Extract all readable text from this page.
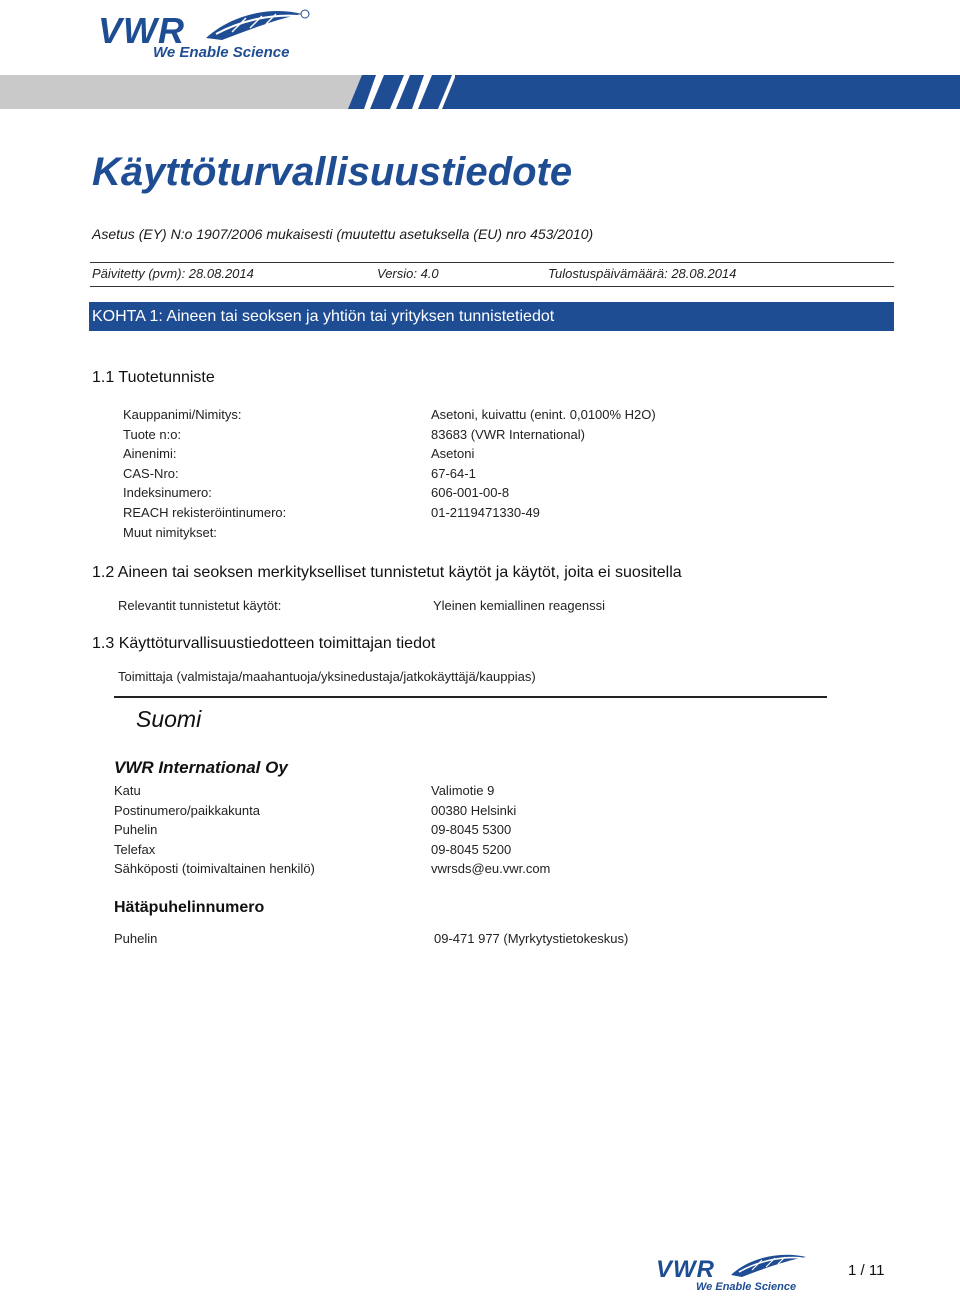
VWR
We Enable Science
Käyttöturvallisuustiedote
Asetus (EY) N:o 1907/2006 mukaisesti (muutettu asetuksella (EU) nro 453/2010)
Päivitetty (pvm): 28.08.2014	Versio: 4.0	Tulostuspäivämäärä: 28.08.2014
KOHTA 1: Aineen tai seoksen ja yhtiön tai yrityksen tunnistetiedot
1.1 Tuotetunniste
Kauppanimi/Nimitys:	Asetoni, kuivattu (enint. 0,0100% H2O)
Tuote n:o:	83683 (VWR International)
Ainenimi:	Asetoni
CAS-Nro:	67-64-1
Indeksinumero:	606-001-00-8
REACH rekisteröintinumero:	01-2119471330-49
Muut nimitykset:
1.2 Aineen tai seoksen merkitykselliset tunnistetut käytöt ja käytöt, joita ei suositella
Relevantit tunnistetut käytöt:	Yleinen kemiallinen reagenssi
1.3 Käyttöturvallisuustiedotteen toimittajan tiedot
Toimittaja (valmistaja/maahantuoja/yksinedustaja/jatkokäyttäjä/kauppias)
Suomi
VWR International Oy
Katu	Valimotie 9
Postinumero/paikkakunta	00380 Helsinki
Puhelin	09-8045 5300
Telefax	09-8045 5200
Sähköposti (toimivaltainen henkilö)	vwrsds@eu.vwr.com
Hätäpuhelinnumero
Puhelin	09-471 977 (Myrkytystietokeskus)
VWR
We Enable Science
1 / 11
